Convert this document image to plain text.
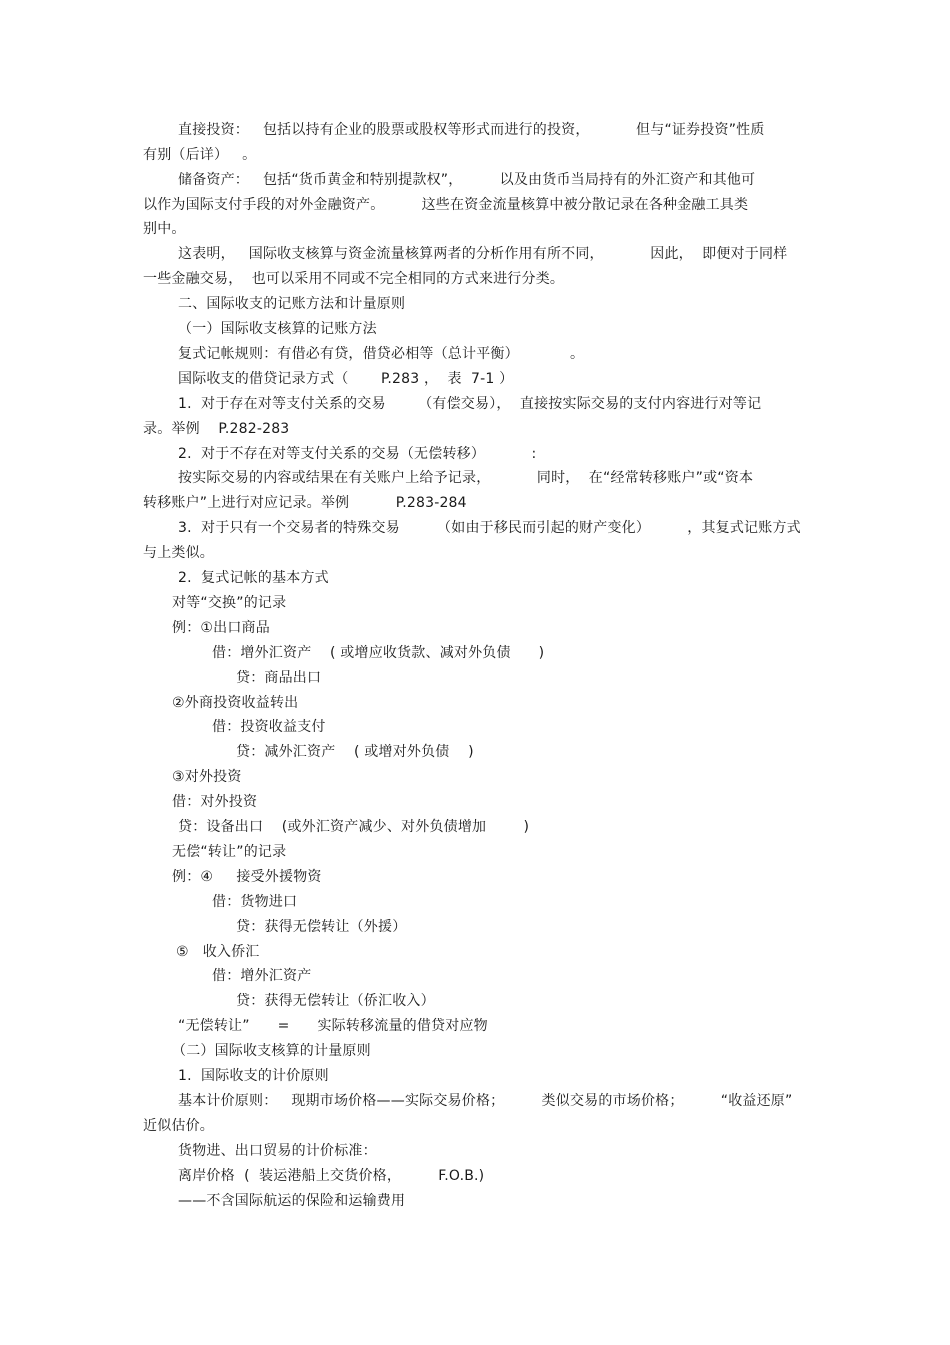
直接投资：   包括以持有企业的股票或股权等形式而进行的投资，          但与“证券投资”性质
有别（后详）   。
储备资产：   包括“货币黄金和特别提款权”，        以及由货币当局持有的外汇资产和其他可
以作为国际支付手段的对外金融资产。        这些在资金流量核算中被分散记录在各种金融工具类
别中。
这表明，   国际收支核算与资金流量核算两者的分析作用有所不同，          因此，  即便对于同样
一些金融交易，  也可以采用不同或不完全相同的方式来进行分类。
二、国际收支的记账方法和计量原则
（一）国际收支核算的记账方法
复式记帐规则：有借必有贷，借贷必相等（总计平衡）           。
国际收支的借贷记录方式（       P.283 ，  表  7-1 ）
1.  对于存在对等支付关系的交易       （有偿交易），  直接按实际交易的支付内容进行对等记
录。举例    P.282-283
2.  对于不存在对等支付关系的交易（无偿转移）          :
按实际交易的内容或结果在有关账户上给予记录，          同时，  在“经常转移账户”或“资本
转移账户”上进行对应记录。举例          P.283-284
3.  对于只有一个交易者的特殊交易        （如由于移民而引起的财产变化）        ，其复式记账方式
与上类似。
2.  复式记帐的基本方式
对等“交换”的记录
例：①出口商品
借：增外汇资产    ( 或增应收货款、减对外负债      )
贷：商品出口
②外商投资收益转出
借：投资收益支付
贷：减外汇资产    ( 或增对外负债    )
③对外投资
借：对外投资
贷：设备出口    (或外汇资产减少、对外负债增加        )
无偿“转让”的记录
例：④     接受外援物资
借：货物进口
贷：获得无偿转让（外援）
⑤   收入侨汇
借：增外汇资产
贷：获得无偿转让（侨汇收入）
“无偿转让”      =      实际转移流量的借贷对应物
（二）国际收支核算的计量原则
1.  国际收支的计价原则
基本计价原则：   现期市场价格——实际交易价格；        类似交易的市场价格；        “收益还原”
近似估价。
货物进、出口贸易的计价标准：
离岸价格  (  装运港船上交货价格，        F.O.B.)
——不含国际航运的保险和运输费用
